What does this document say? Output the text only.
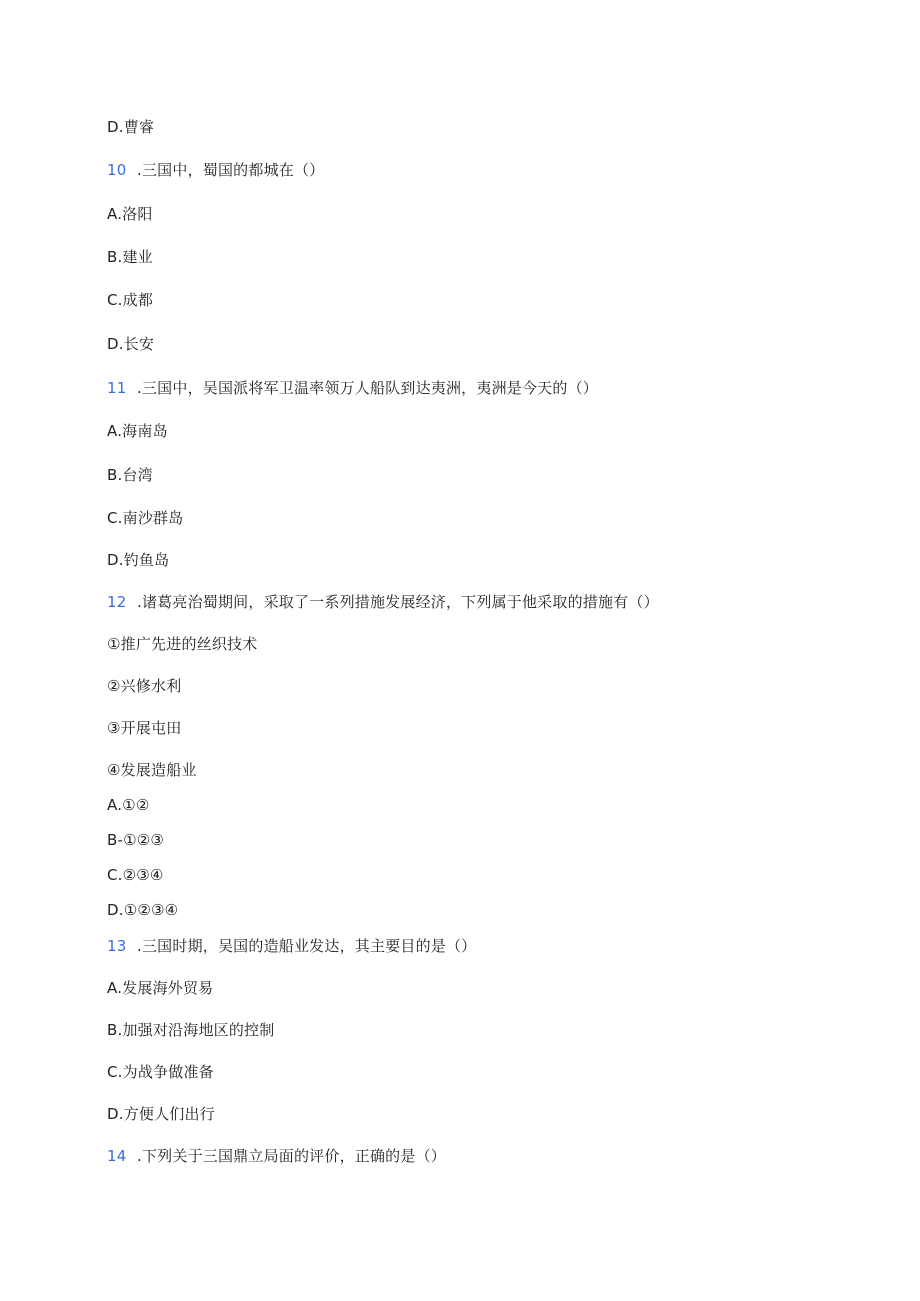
D.曹睿
10 .三国中，蜀国的都城在（）
A.洛阳
B.建业
C.成都
D.长安
11 .三国中，吴国派将军卫温率领万人船队到达夷洲，夷洲是今天的（）
A.海南岛
B.台湾
C.南沙群岛
D.钓鱼岛
12 .诸葛亮治蜀期间，采取了一系列措施发展经济，下列属于他采取的措施有（）
①推广先进的丝织技术
②兴修水利
③开展屯田
④发展造船业
A.①②
B-①②③
C.②③④
D.①②③④
13 .三国时期，吴国的造船业发达，其主要目的是（）
A.发展海外贸易
B.加强对沿海地区的控制
C.为战争做准备
D.方便人们出行
14 .下列关于三国鼎立局面的评价，正确的是（）
